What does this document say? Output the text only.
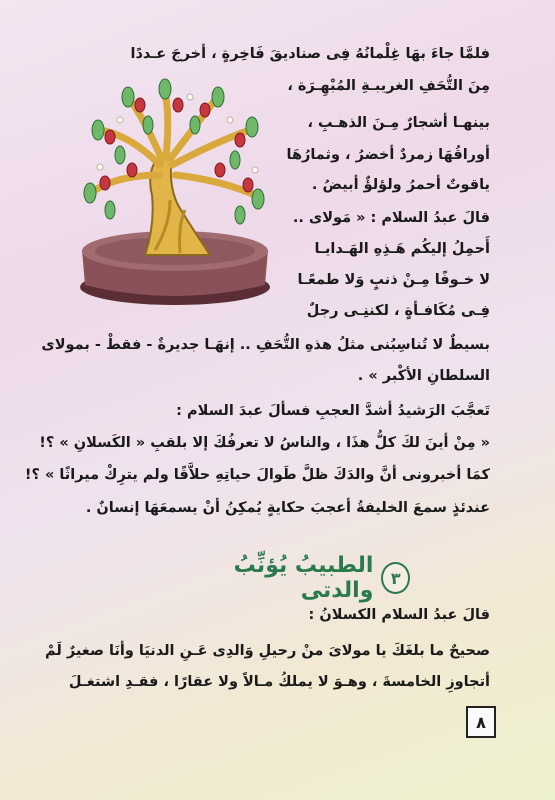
فلمَّا جاءَ بهَا غِلْمانُهُ فِى صناديقَ فَاخِرةٍ ، أخرجَ عـددًا
مِنَ التُّحَفِ الغريبـةِ المُبْهِـرَة ،
بينهـا أشجارٌ مِـنَ الذهـبِ ،
أوراقُهَا زمردٌ أخضرُ ، وثمارُهَا
ياقوتٌ أحمرُ ولؤلؤٌ أبيضُ .
قالَ عبدُ السلام : « مَولاى ..
أَحمِلُ إليكُم هَـذِهِ الهَـدايـا
لا خـوفًا مِـنْ ذنبٍ وَلا طمعًـا
فِـى مُكَافـأةٍ ، لكننِـى رجلٌ
بسيطٌ لا تُناسِبُنى مثلُ هذهِ التُّحَفِ .. إنهَـا جديرةٌ - فقطْ - بمولاى
السلطانِ الأكْبر » .
تَعجَّبَ الرَشيدُ أشدَّ العجبِ فسألَ عبدَ السلام :
« مِنْ أينَ لكَ كلُّ هذَا ، والناسُ لا تعرفُكَ إلا بلقبِ « الكَسلانِ » ؟!
كمَا أخبرونى أنَّ والدَكَ ظلَّ طَوالَ حياتِهِ حلاَّقًا ولم يترِكْ ميراثًا » ؟!
عندئذٍ سمعَ الخليفةُ أعجبَ حكايةٍ يُمكِنُ أنْ يسمعَهَا إنسانٌ .
٣
الطبيبُ يُؤنِّبُ والدتى
قالَ عبدُ السلام الكسلانُ :
صحيحٌ ما بلغَكَ يا مولاىَ منْ رحيلِ وَالدِى عَـنِ الدنيَا وأنَا صغيرٌ لَمْ
أتجاوزِ الخامسةَ ، وهـوَ لا يملكُ مـالاً ولا عقارًا ، فقـدِ اشتغـلَ
٨
